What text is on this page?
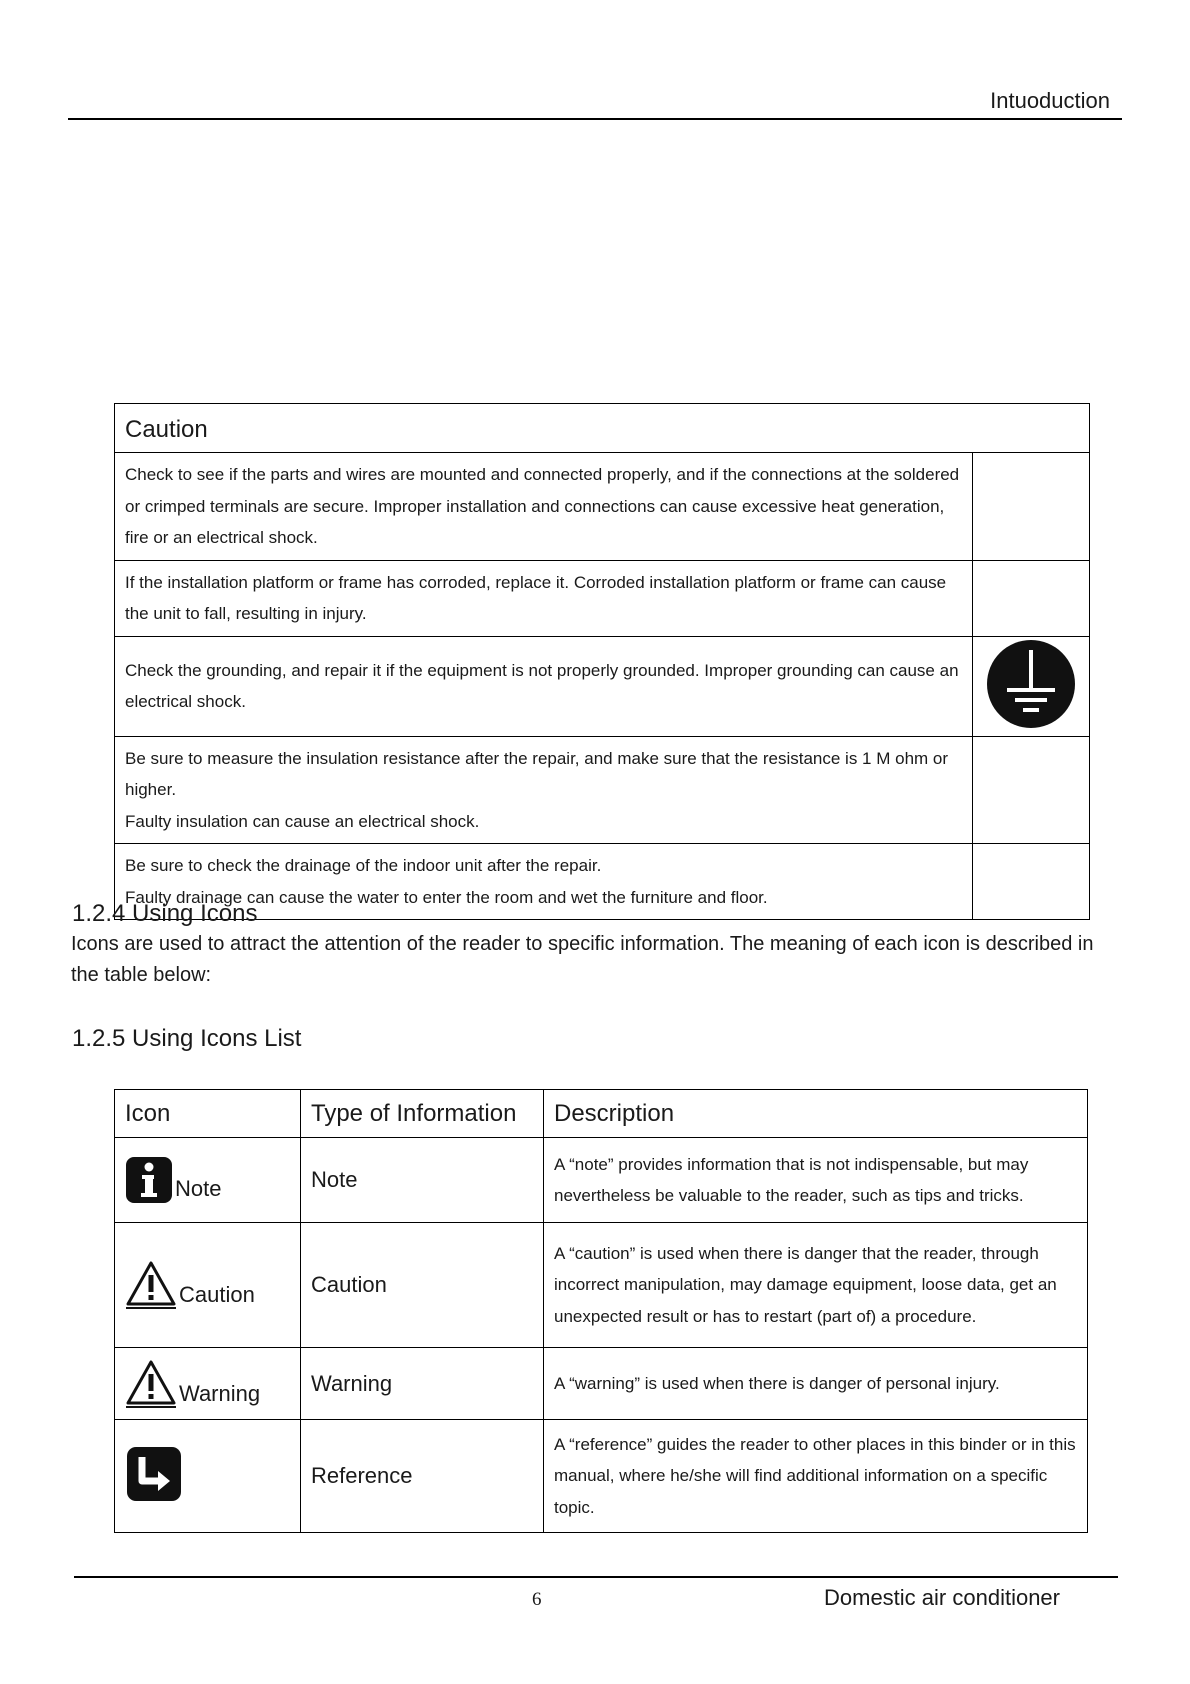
Intuoduction
Caution	
Check to see if the parts and wires are mounted and connected properly, and if the connections at the soldered or crimped terminals are secure. Improper installation and connections can cause excessive heat generation, fire or an electrical shock.	
If the installation platform or frame has corroded, replace it. Corroded installation platform or frame can cause the unit to fall, resulting in injury.	
Check the grounding, and repair it if the equipment is not properly grounded. Improper grounding can cause an electrical shock.	

Be sure to measure the insulation resistance after the repair, and make sure that the resistance is 1 M ohm or higher.
Faulty insulation can cause an electrical shock.	

Be sure to check the drainage of the indoor unit after the repair.
Faulty drainage can cause the water to enter the room and wet the furniture and floor.	

1.2.4 Using Icons
Icons are used to attract the attention of the reader to specific information. The meaning of each icon is described in the table below:
1.2.5 Using Icons List
Icon	Type of Information	Description

Note	Note	A “note” provides information that is not indispensable, but may nevertheless be valuable to the reader, such as tips and tricks.

Caution	Caution	A “caution” is used when there is danger that the reader, through incorrect manipulation, may damage equipment, loose data, get an
unexpected result or has to restart (part of) a procedure.

Warning	Warning	A “warning” is used when there is danger of personal injury.
	Reference	A “reference” guides the reader to other places in this binder or in this manual, where he/she will find additional information on a specific topic.
6	Domestic air conditioner
